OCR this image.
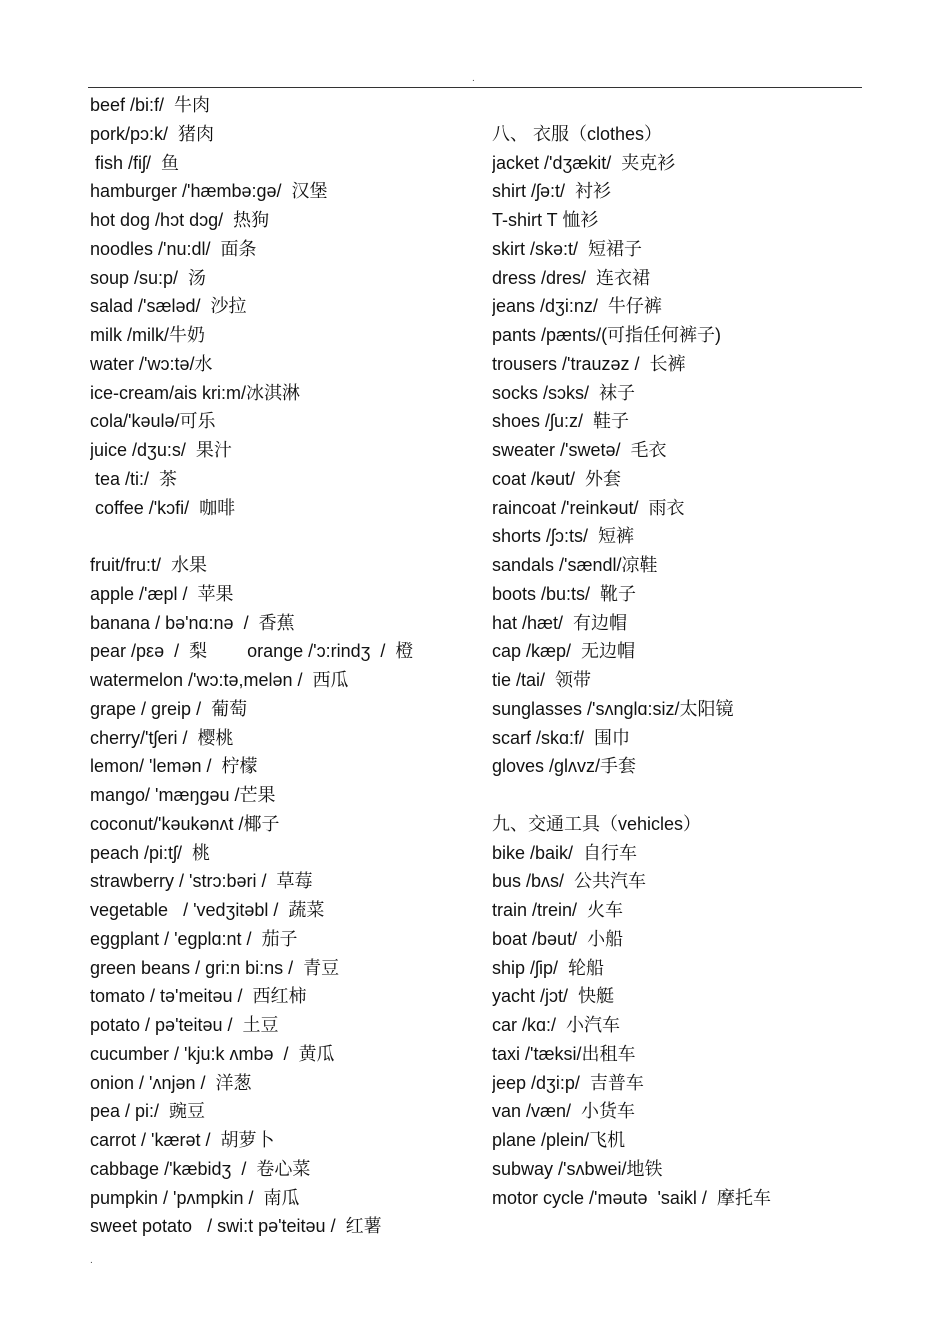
.
beef /bi:f/  牛肉
pork/pɔ:k/  猪肉
fish /fiʃ/  鱼
hamburger /'hæmbə:gə/  汉堡
hot dog /hɔt dɔg/  热狗
noodles /'nu:dl/  面条
soup /su:p/  汤
salad /'sæləd/  沙拉
milk /milk/牛奶
water /'wɔ:tə/水
ice-cream/ais kri:m/冰淇淋
cola/'kəulə/可乐
juice /dʒu:s/  果汁
tea /ti:/  茶
coffee /'kɔfi/  咖啡
fruit/fru:t/  水果
apple /'æpl /  苹果
banana / bə'nɑ:nə  /  香蕉
pear /pεə  /  梨        orange /'ɔ:rindʒ  /  橙
watermelon /'wɔ:tə,melən /  西瓜
grape / greip /  葡萄
cherry/'tʃeri /  樱桃
lemon/ 'lemən /  柠檬
mango/ 'mæŋgəu /芒果
coconut/'kəukənʌt /椰子
peach /pi:tʃ/  桃
strawberry / 'strɔ:bəri /  草莓
vegetable   / 'vedʒitəbl /  蔬菜
eggplant / 'egplɑ:nt /  茄子
green beans / gri:n bi:ns /  青豆
tomato / tə'meitəu /  西红柿
potato / pə'teitəu /  土豆
cucumber / 'kju:k ʌmbə  /  黄瓜
onion / 'ʌnjən /  洋葱
pea / pi:/  豌豆
carrot / 'kærət /  胡萝卜
cabbage /'kæbidʒ  /  卷心菜
pumpkin / 'pʌmpkin /  南瓜
sweet potato   / swi:t pə'teitəu /  红薯
八、 衣服（clothes）
jacket /'dʒækit/  夹克衫
shirt /ʃə:t/  衬衫
T-shirt T 恤衫
skirt /skə:t/  短裙子
dress /dres/  连衣裙
jeans /dʒi:nz/  牛仔裤
pants /pænts/(可指任何裤子)
trousers /'trauzəz /  长裤
socks /sɔks/  袜子
shoes /ʃu:z/  鞋子
sweater /'swetə/  毛衣
coat /kəut/  外套
raincoat /'reinkəut/  雨衣
shorts /ʃɔ:ts/  短裤
sandals /'sændl/凉鞋
boots /bu:ts/  靴子
hat /hæt/  有边帽
cap /kæp/  无边帽
tie /tai/  领带
sunglasses /'sʌnglɑ:siz/太阳镜
scarf /skɑ:f/  围巾
gloves /glʌvz/手套
九、交通工具（vehicles）
bike /baik/  自行车
bus /bʌs/  公共汽车
train /trein/  火车
boat /bəut/  小船
ship /ʃip/  轮船
yacht /jɔt/  快艇
car /kɑ:/  小汽车
taxi /'tæksi/出租车
jeep /dʒi:p/  吉普车
van /væn/  小货车
plane /plein/飞机
subway /'sʌbwei/地铁
motor cycle /'məutə  'saikl /  摩托车
.
